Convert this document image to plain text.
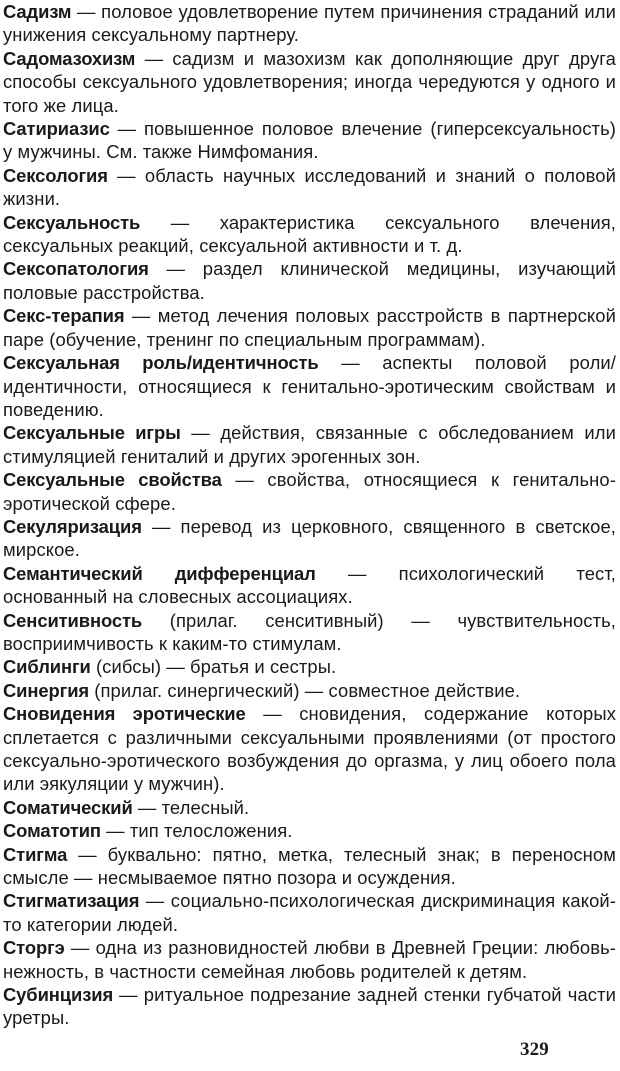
Садизм — половое удовлетворение путем причинения страданий или унижения сексуальному партнеру.

Садомазохизм — садизм и мазохизм как дополняющие друг друга способы сексуального удовлетворения; иногда чередуются у одного и того же лица.

Сатириазис — повышенное половое влечение (гиперсексуальность) у мужчины. См. также Нимфомания.

Сексология — область научных исследований и знаний о половой жизни.

Сексуальность — характеристика сексуального влечения, сексуальных реакций, сексуальной активности и т. д.

Сексопатология — раздел клинической медицины, изучающий половые расстройства.

Секс-терапия — метод лечения половых расстройств в партнерской паре (обучение, тренинг по специальным программам).

Сексуальная роль/идентичность — аспекты половой роли/идентичности, относящиеся к генитально-эротическим свойствам и поведению.

Сексуальные игры — действия, связанные с обследованием или стимуляцией гениталий и других эрогенных зон.

Сексуальные свойства — свойства, относящиеся к генитально-эротической сфере.

Секуляризация — перевод из церковного, священного в светское, мирское.

Семантический дифференциал — психологический тест, основанный на словесных ассоциациях.

Сенситивность (прилаг. сенситивный) — чувствительность, восприимчивость к каким-то стимулам.

Сиблинги (сибсы) — братья и сестры.

Синергия (прилаг. синергический) — совместное действие.

Сновидения эротические — сновидения, содержание которых сплетается с различными сексуальными проявлениями (от простого сексуально-эротического возбуждения до оргазма, у лиц обоего пола или эякуляции у мужчин).

Соматический — телесный.

Соматотип — тип телосложения.

Стигма — буквально: пятно, метка, телесный знак; в переносном смысле — несмываемое пятно позора и осуждения.

Стигматизация — социально-психологическая дискриминация какой-то категории людей.

Сторгэ — одна из разновидностей любви в Древней Греции: любовь-нежность, в частности семейная любовь родителей к детям.

Субинцизия — ритуальное подрезание задней стенки губчатой части уретры.

329
